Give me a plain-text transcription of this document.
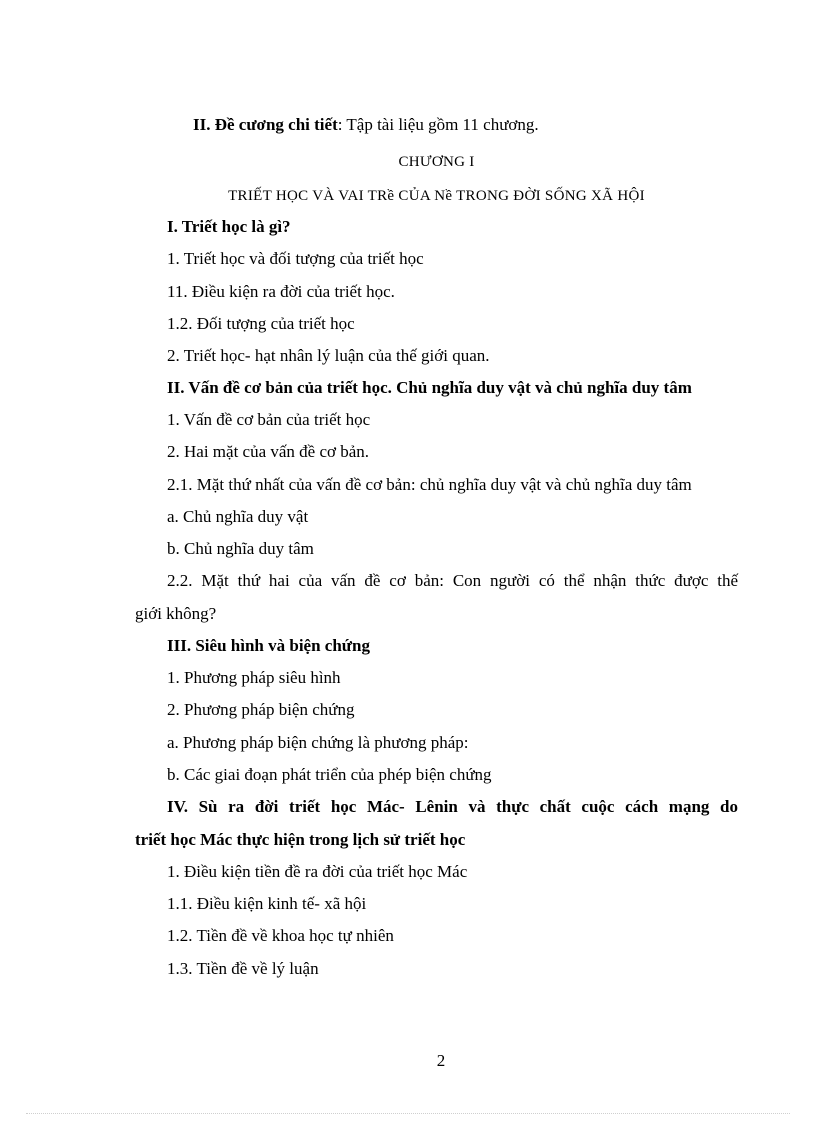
II. Đề cương chi tiết: Tập tài liệu gồm 11 chương.
CHƯƠNG I
TRIẾT HỌC VÀ VAI TRề CỦA Nề TRONG ĐỜI SỐNG XÃ HỘI
I. Triết học là gì?
1. Triết học và đối tượng của triết học
11. Điều kiện ra đời của triết học.
1.2. Đối tượng của triết học
2. Triết học- hạt nhân lý luận của thế giới quan.
II. Vấn đề cơ bản của triết học. Chủ nghĩa duy vật và chủ nghĩa duy tâm
1. Vấn đề cơ bản của triết học
2. Hai mặt của vấn đề cơ bản.
2.1. Mặt thứ nhất của vấn đề cơ bản: chủ nghĩa duy vật và chủ nghĩa duy tâm
a. Chủ nghĩa duy vật
b. Chủ nghĩa duy tâm
2.2. Mặt thứ hai của vấn đề cơ bản: Con người có thể nhận thức được thế
giới không?
III. Siêu hình và biện chứng
1. Phương pháp siêu hình
2. Phương pháp biện chứng
a. Phương pháp biện chứng là phương pháp:
b. Các giai đoạn phát triển của phép biện chứng
IV. Sù ra đời triết học Mác- Lênin và thực chất cuộc cách mạng do
triết học Mác thực hiện trong lịch sử triết học
1. Điều kiện tiền đề ra đời của triết học Mác
1.1. Điều kiện kinh tế- xã hội
1.2. Tiền đề về khoa học tự nhiên
1.3. Tiền đề về lý luận
2
